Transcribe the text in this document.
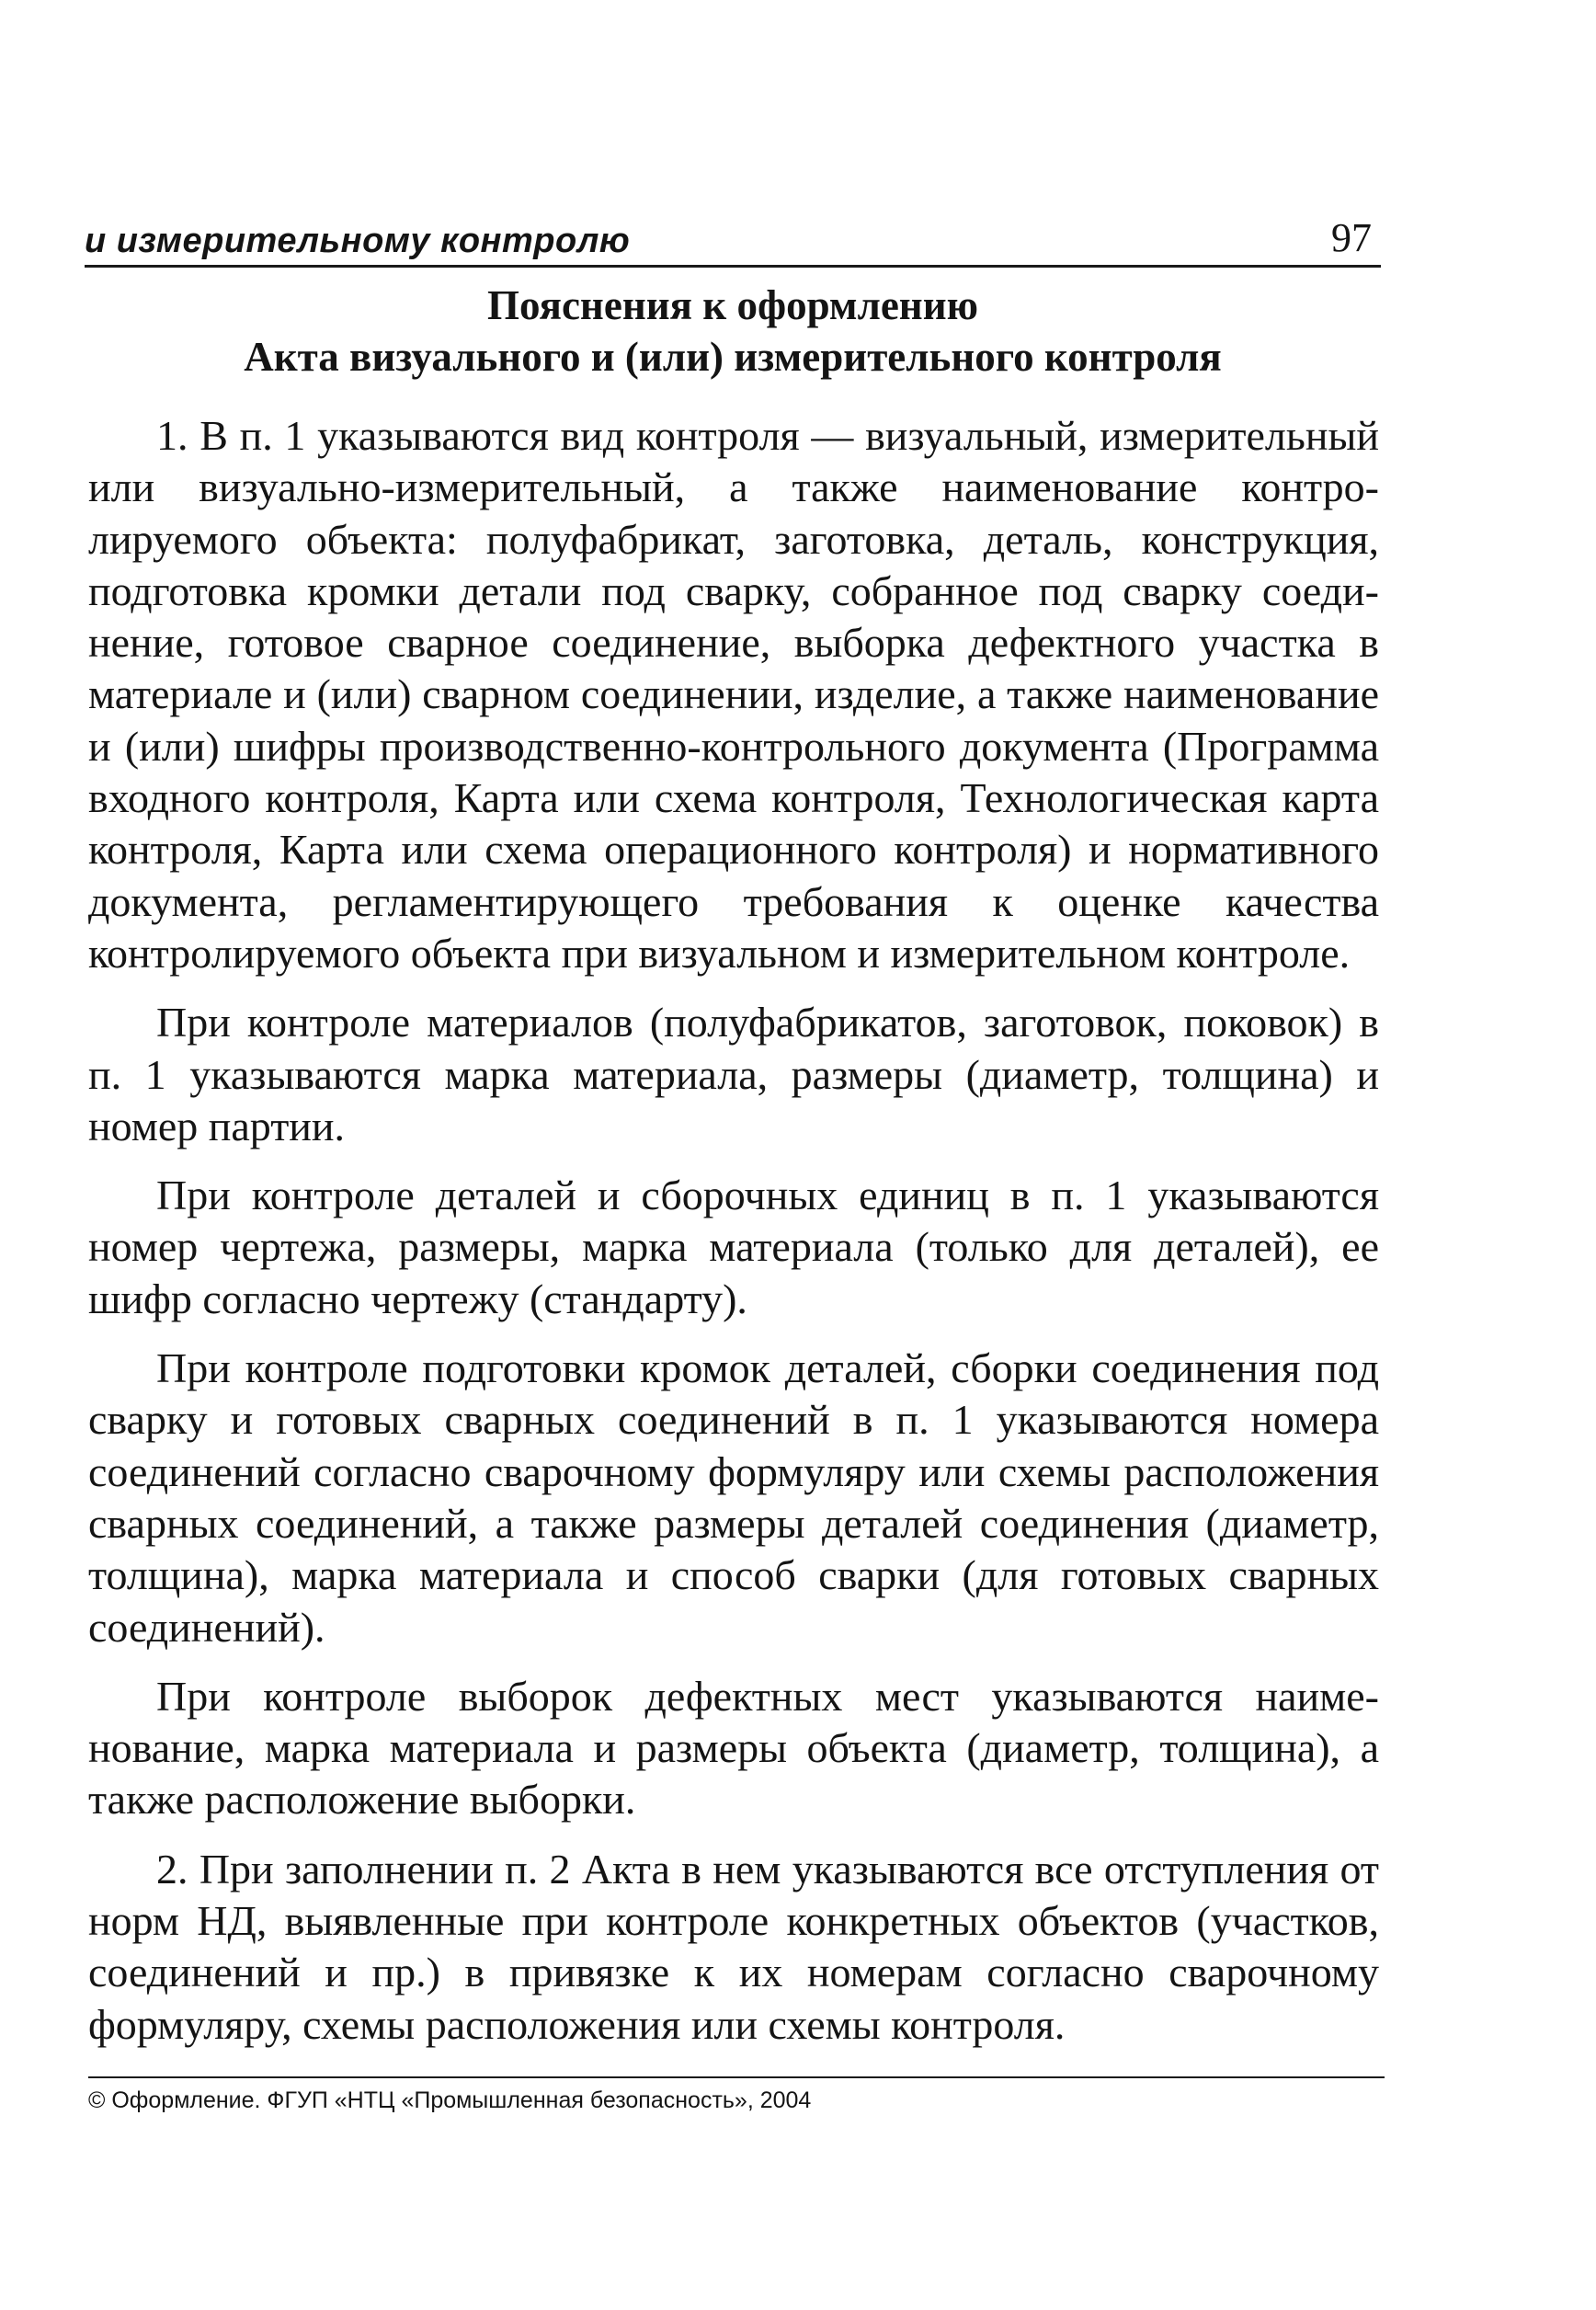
и измерительному контролю	97
Пояснения к оформлению
Акта визуального и (или) измерительного контроля

1. В п. 1 указываются вид контроля — визуальный, измерительный или визуально-измерительный, а также наименование контролируемого объекта: полуфабрикат, заготовка, деталь, конструкция, подготовка кромки детали под сварку, собранное под сварку соединение, готовое сварное соединение, выборка дефектного участка в материале и (или) сварном соединении, изделие, а также наименование и (или) шифры производственно-контрольного документа (Программа входного контроля, Карта или схема контроля, Технологическая карта контроля, Карта или схема операционного контроля) и нормативного документа, регламентирующего требования к оценке качества контролируемого объекта при визуальном и измерительном контроле.

При контроле материалов (полуфабрикатов, заготовок, поковок) в п. 1 указываются марка материала, размеры (диаметр, толщина) и номер партии.

При контроле деталей и сборочных единиц в п. 1 указываются номер чертежа, размеры, марка материала (только для деталей), ее шифр согласно чертежу (стандарту).

При контроле подготовки кромок деталей, сборки соединения под сварку и готовых сварных соединений в п. 1 указываются номера соединений согласно сварочному формуляру или схемы расположения сварных соединений, а также размеры деталей соединения (диаметр, толщина), марка материала и способ сварки (для готовых сварных соединений).

При контроле выборок дефектных мест указываются наименование, марка материала и размеры объекта (диаметр, толщина), а также расположение выборки.

2. При заполнении п. 2 Акта в нем указываются все отступления от норм НД, выявленные при контроле конкретных объектов (участков, соединений и пр.) в привязке к их номерам согласно сварочному формуляру, схемы расположения или схемы контроля.

© Оформление. ФГУП «НТЦ «Промышленная безопасность», 2004
